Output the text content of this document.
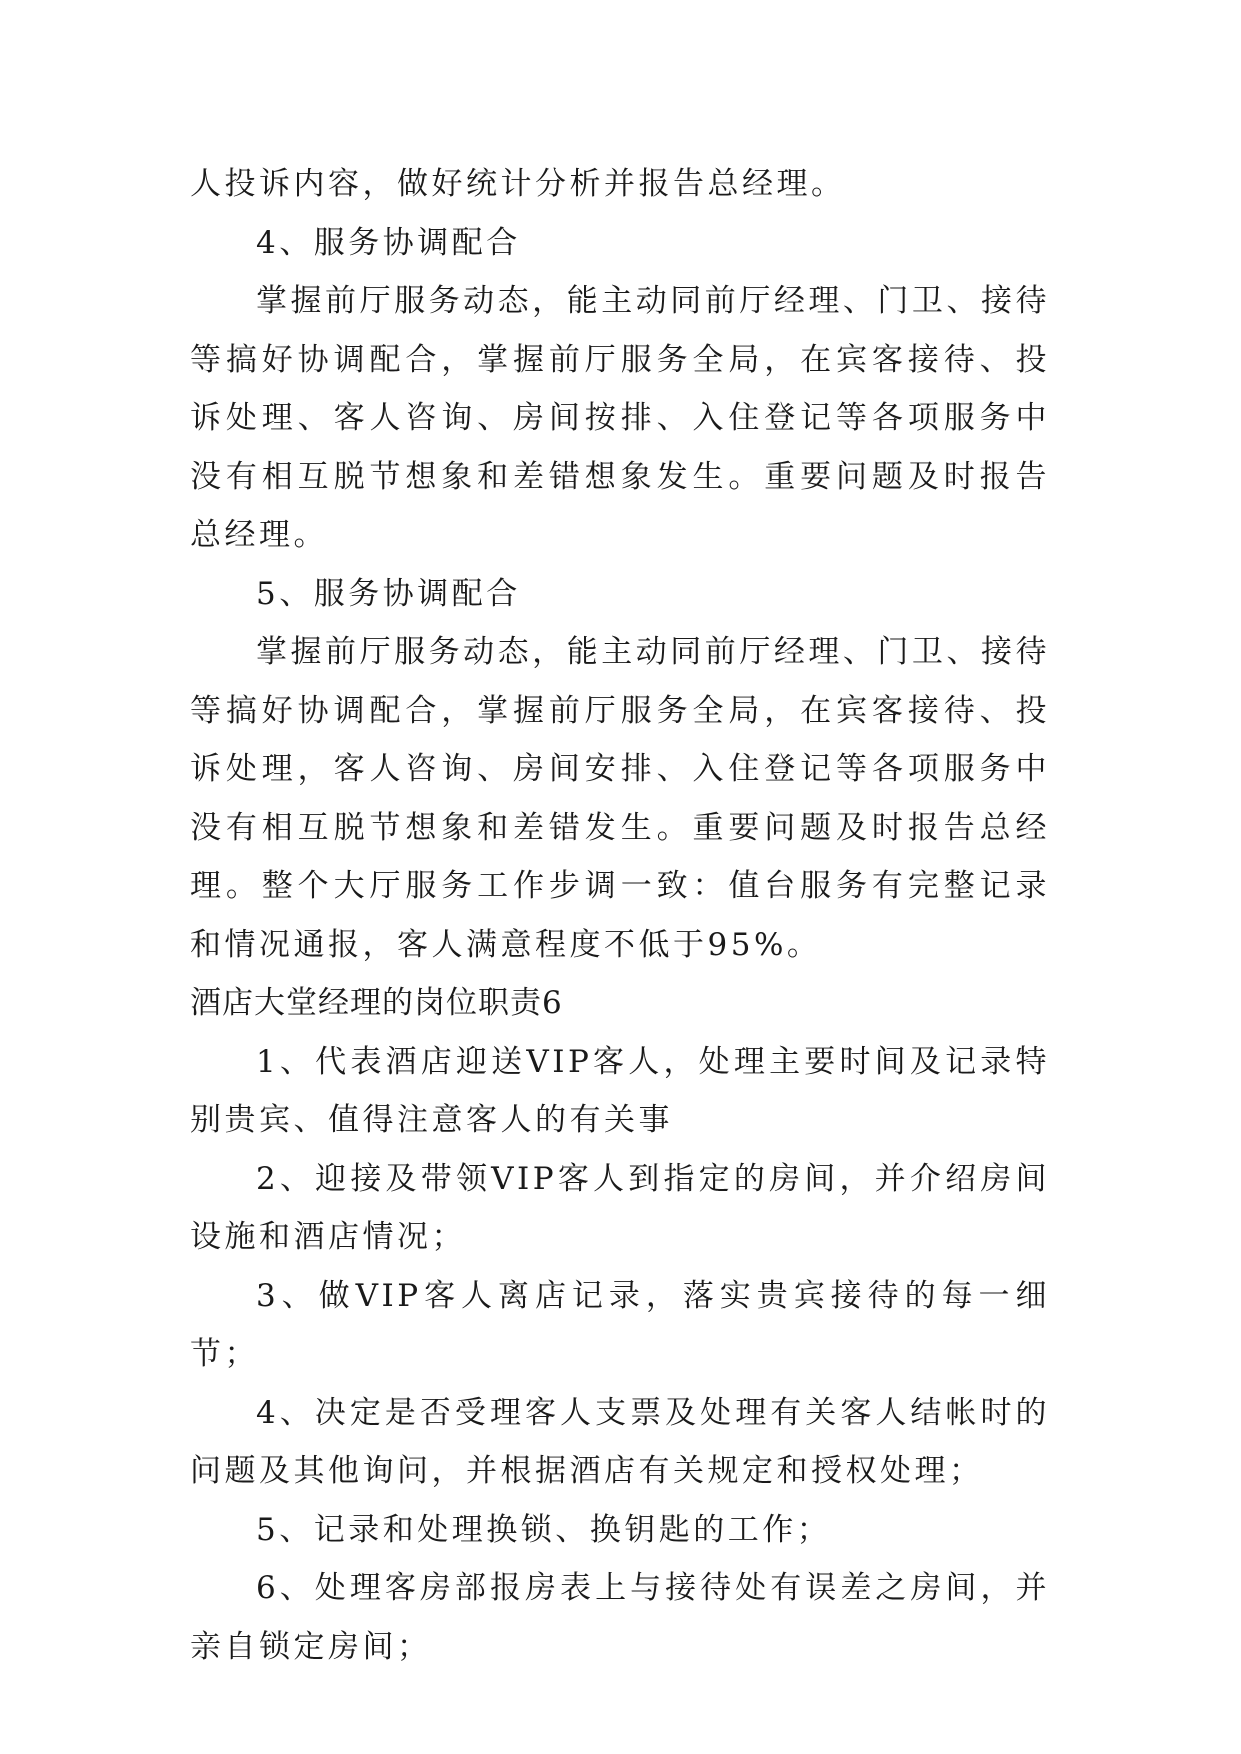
人投诉内容，做好统计分析并报告总经理。

4、服务协调配合

掌握前厅服务动态，能主动同前厅经理、门卫、接待等搞好协调配合，掌握前厅服务全局，在宾客接待、投诉处理、客人咨询、房间按排、入住登记等各项服务中没有相互脱节想象和差错想象发生。重要问题及时报告总经理。

5、服务协调配合

掌握前厅服务动态，能主动同前厅经理、门卫、接待等搞好协调配合，掌握前厅服务全局，在宾客接待、投诉处理，客人咨询、房间安排、入住登记等各项服务中没有相互脱节想象和差错发生。重要问题及时报告总经理。整个大厅服务工作步调一致：值台服务有完整记录和情况通报，客人满意程度不低于95%。

酒店大堂经理的岗位职责6

1、代表酒店迎送VIP客人，处理主要时间及记录特别贵宾、值得注意客人的有关事

2、迎接及带领VIP客人到指定的房间，并介绍房间设施和酒店情况；

3、做VIP客人离店记录，落实贵宾接待的每一细节；

4、决定是否受理客人支票及处理有关客人结帐时的问题及其他询问，并根据酒店有关规定和授权处理；

5、记录和处理换锁、换钥匙的工作；

6、处理客房部报房表上与接待处有误差之房间，并亲自锁定房间；
